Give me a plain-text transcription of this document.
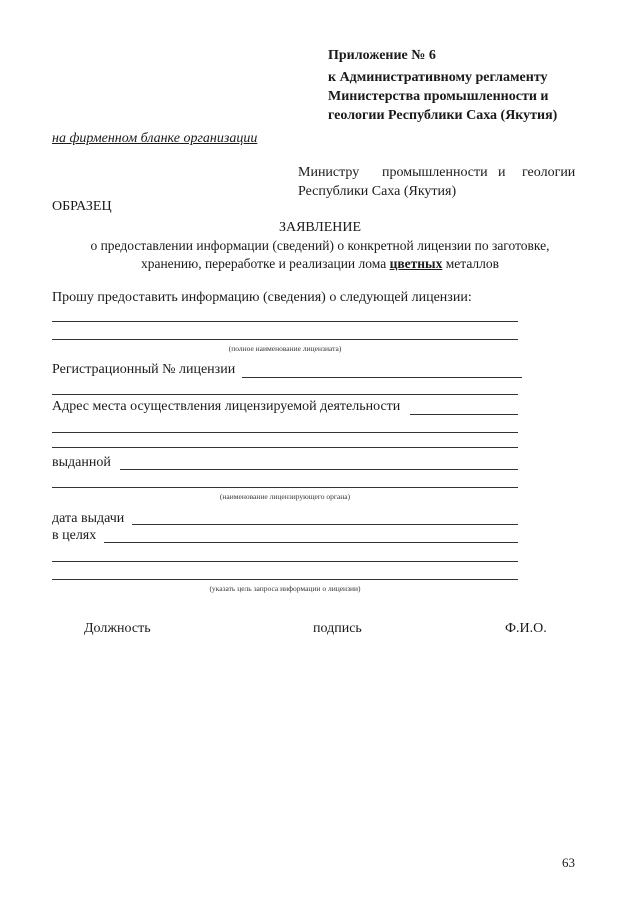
Приложение № 6
к Административному регламенту
Министерства промышленности и
геологии Республики Саха (Якутия)
на фирменном бланке организации
Министру промышленности и геологии
Республики Саха (Якутия)
ОБРАЗЕЦ
ЗАЯВЛЕНИЕ
о предоставлении информации (сведений) о конкретной лицензии по заготовке,
хранению, переработке и реализации лома цветных металлов
Прошу предоставить информацию (сведения) о следующей лицензии:
(полное наименование лицензиата)
Регистрационный № лицензии
Адрес места осуществления лицензируемой деятельности
выданной
(наименование лицензирующего органа)
дата выдачи
в целях
(указать цель запроса информации о лицензии)
Должность	подпись	Ф.И.О.
63
